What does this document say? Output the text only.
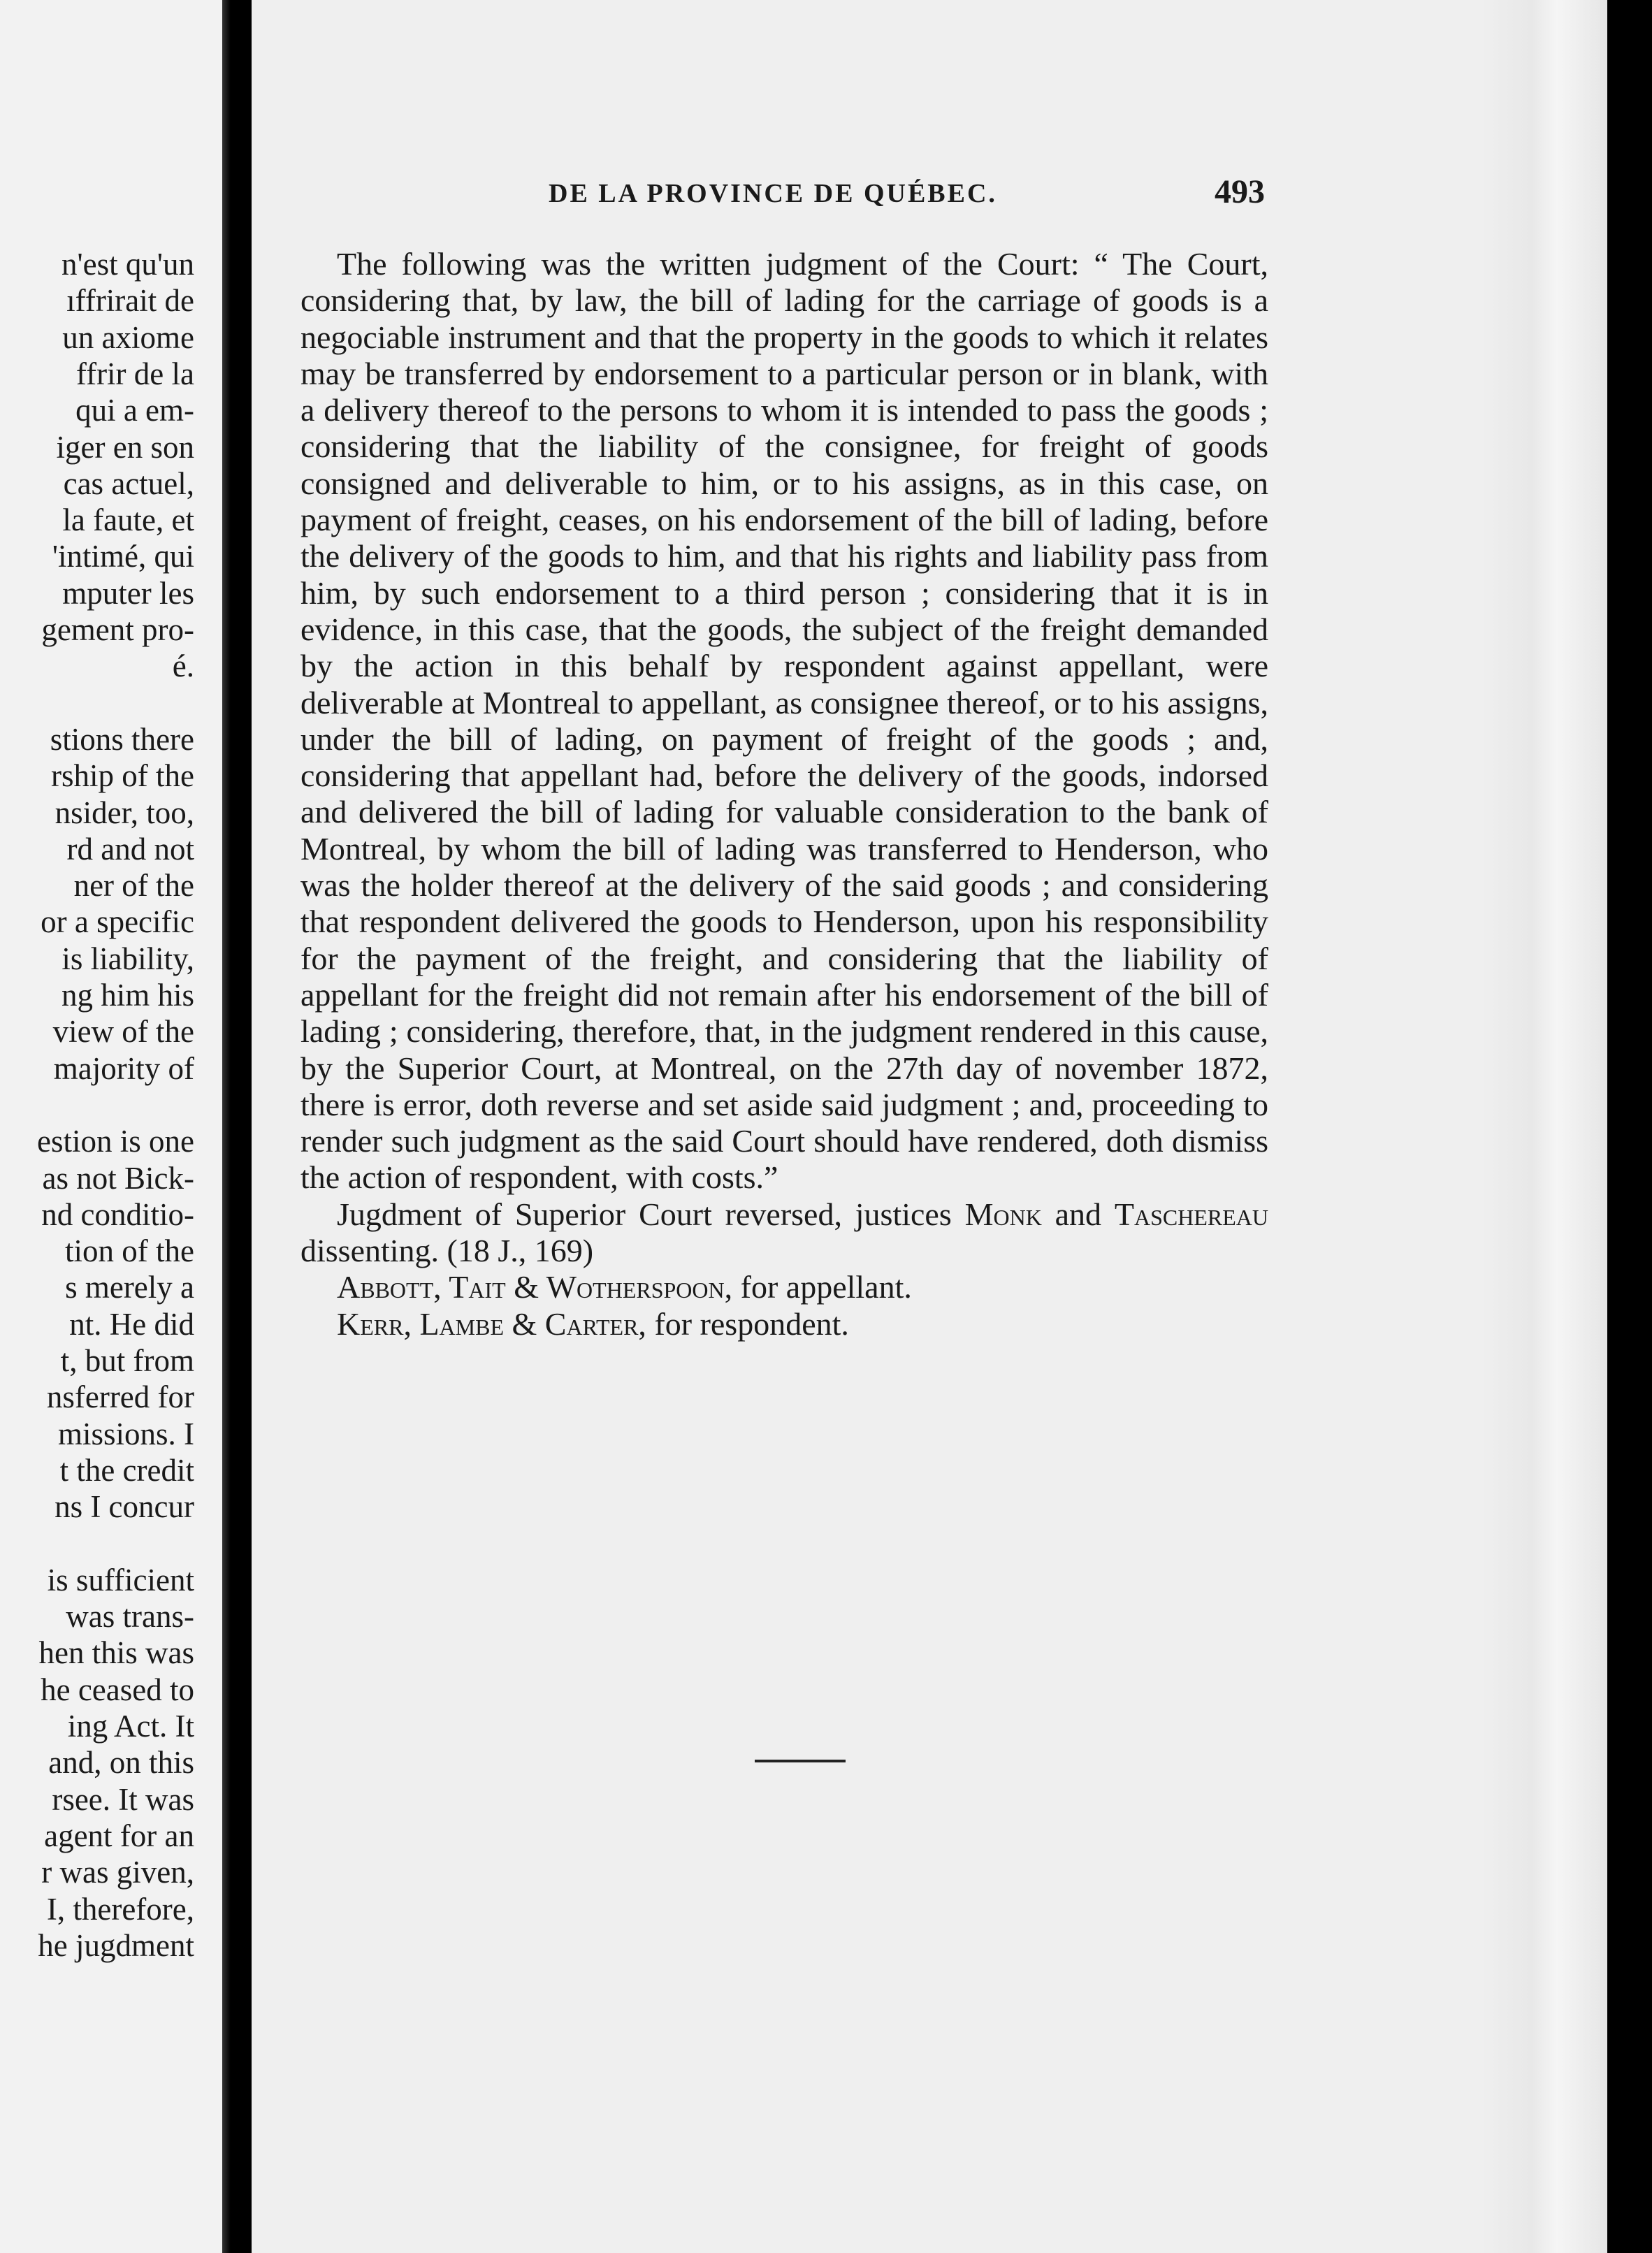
n'est qu'un
ıffrirait de
un axiome
ffrir de la
qui a em-
iger en son
cas actuel,
la faute, et
'intimé, qui
mputer les
gement pro-
é.
stions there
rship of the
nsider, too,
rd and not
ner of the
or a specific
is liability,
ng him his
view of the
majority of
estion is one
as not Bick-
nd conditio-
tion of the
s merely a
nt. He did
t, but from
nsferred for
missions. I
t the credit
ns I concur
is sufficient
was trans-
hen this was
he ceased to
ing Act. It
and, on this
rsee. It was
agent for an
r was given,
I, therefore,
he jugdment
DE LA PROVINCE DE QUÉBEC.	493

The following was the written judgment of the Court: “ The Court, considering that, by law, the bill of lading for the carriage of goods is a negociable instrument and that the property in the goods to which it relates may be transferred by endorsement to a particular person or in blank, with a delivery thereof to the persons to whom it is intended to pass the goods ; considering that the liability of the consignee, for freight of goods consigned and deliverable to him, or to his assigns, as in this case, on payment of freight, ceases, on his endorsement of the bill of lading, before the delivery of the goods to him, and that his rights and liability pass from him, by such endorsement to a third person ; considering that it is in evidence, in this case, that the goods, the subject of the freight demanded by the action in this behalf by respondent against appellant, were deliverable at Montreal to appellant, as consignee thereof, or to his assigns, under the bill of lading, on payment of freight of the goods ; and, considering that appellant had, before the delivery of the goods, indorsed and delivered the bill of lading for valuable consideration to the bank of Montreal, by whom the bill of lading was transferred to Henderson, who was the holder thereof at the delivery of the said goods ; and considering that respondent delivered the goods to Henderson, upon his responsibility for the payment of the freight, and considering that the liability of appellant for the freight did not remain after his endorsement of the bill of lading ; considering, therefore, that, in the judgment rendered in this cause, by the Superior Court, at Montreal, on the 27th day of november 1872, there is error, doth reverse and set aside said judgment ; and, proceeding to render such judgment as the said Court should have rendered, doth dismiss the action of respondent, with costs.”

Jugdment of Superior Court reversed, justices Monk and Taschereau dissenting. (18 J., 169)

Abbott, Tait & Wotherspoon, for appellant.

Kerr, Lambe & Carter, for respondent.
